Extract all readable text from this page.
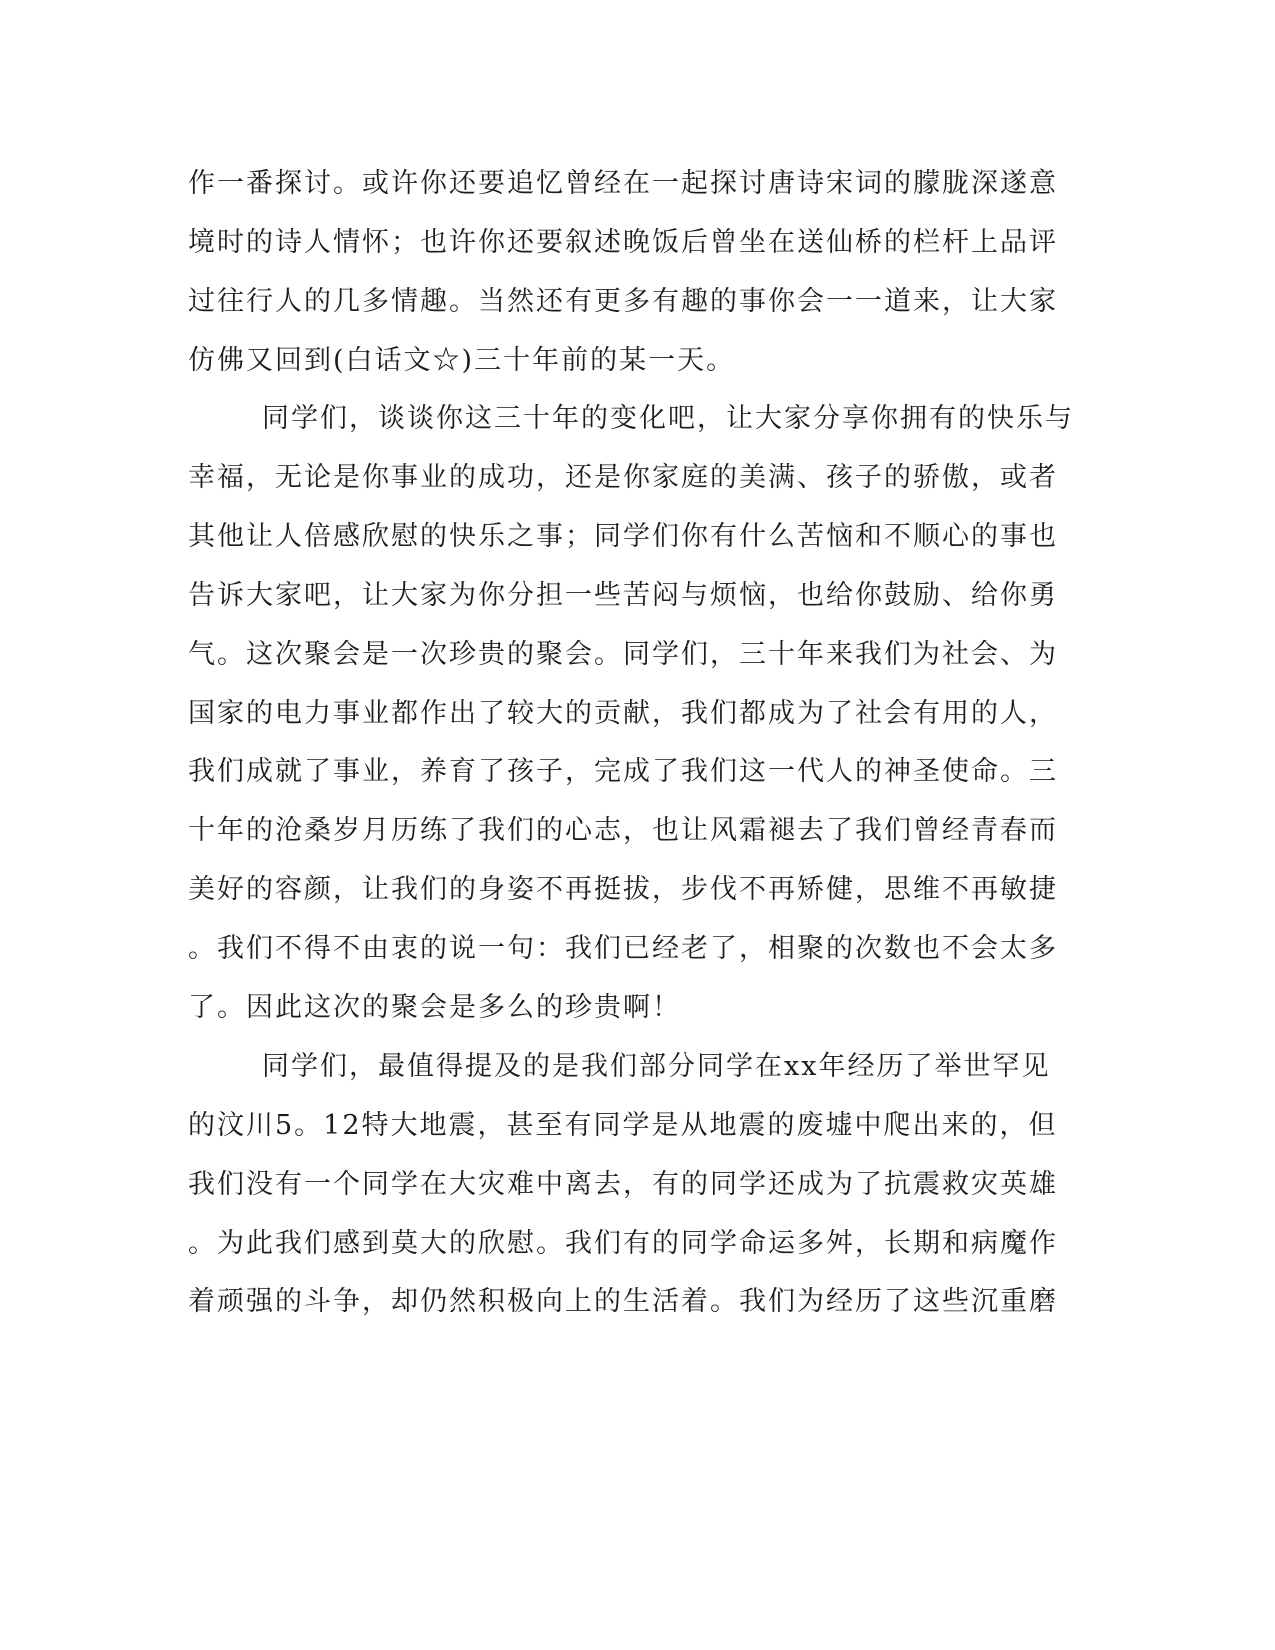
作一番探讨。或许你还要追忆曾经在一起探讨唐诗宋词的朦胧深遂意
境时的诗人情怀；也许你还要叙述晚饭后曾坐在送仙桥的栏杆上品评
过往行人的几多情趣。当然还有更多有趣的事你会一一道来，让大家
仿佛又回到(白话文☆)三十年前的某一天。
同学们，谈谈你这三十年的变化吧，让大家分享你拥有的快乐与
幸福，无论是你事业的成功，还是你家庭的美满、孩子的骄傲，或者
其他让人倍感欣慰的快乐之事；同学们你有什么苦恼和不顺心的事也
告诉大家吧，让大家为你分担一些苦闷与烦恼，也给你鼓励、给你勇
气。这次聚会是一次珍贵的聚会。同学们，三十年来我们为社会、为
国家的电力事业都作出了较大的贡献，我们都成为了社会有用的人，
我们成就了事业，养育了孩子，完成了我们这一代人的神圣使命。三
十年的沧桑岁月历练了我们的心志，也让风霜褪去了我们曾经青春而
美好的容颜，让我们的身姿不再挺拔，步伐不再矫健，思维不再敏捷
。我们不得不由衷的说一句：我们已经老了，相聚的次数也不会太多
了。因此这次的聚会是多么的珍贵啊！
同学们，最值得提及的是我们部分同学在xx年经历了举世罕见
的汶川5。12特大地震，甚至有同学是从地震的废墟中爬出来的，但
我们没有一个同学在大灾难中离去，有的同学还成为了抗震救灾英雄
。为此我们感到莫大的欣慰。我们有的同学命运多舛，长期和病魔作
着顽强的斗争，却仍然积极向上的生活着。我们为经历了这些沉重磨
